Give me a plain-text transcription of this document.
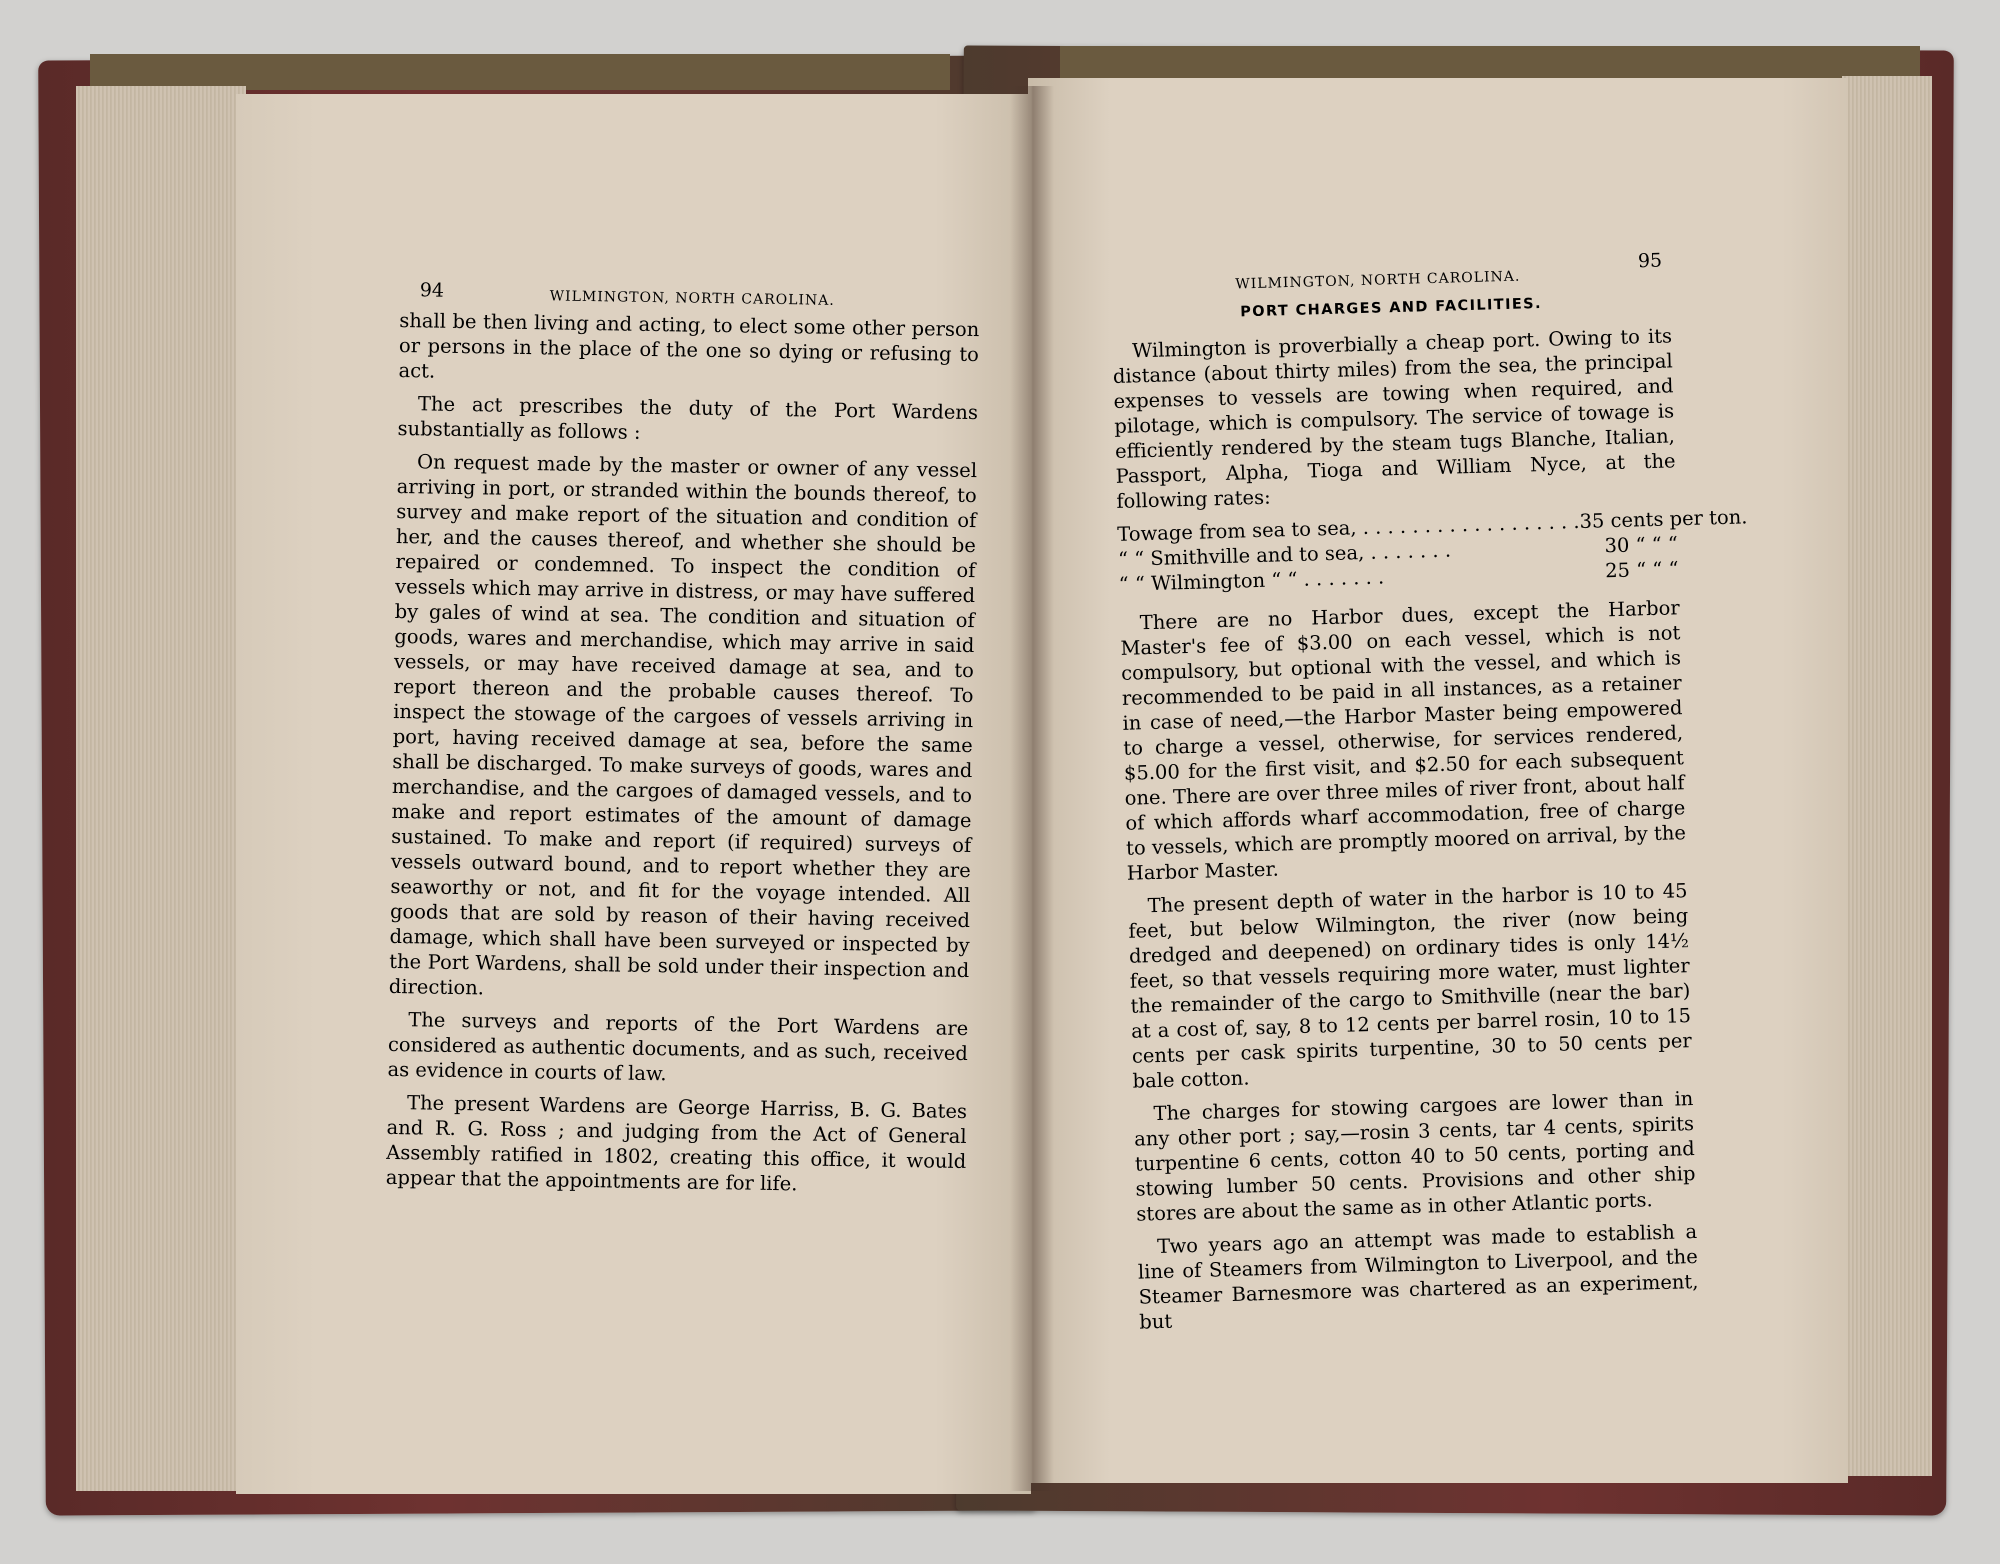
94	WILMINGTON, NORTH CAROLINA.

shall be then living and acting, to elect some other person or persons in the place of the one so dying or refusing to act.

The act prescribes the duty of the Port Wardens substantially as follows :

On request made by the master or owner of any vessel arriving in port, or stranded within the bounds thereof, to survey and make report of the situation and condition of her, and the causes thereof, and whether she should be repaired or condemned. To inspect the condition of vessels which may arrive in distress, or may have suffered by gales of wind at sea. The condition and situation of goods, wares and merchandise, which may arrive in said vessels, or may have received damage at sea, and to report thereon and the probable causes thereof. To inspect the stowage of the cargoes of vessels arriving in port, having received damage at sea, before the same shall be discharged. To make surveys of goods, wares and merchandise, and the cargoes of damaged vessels, and to make and report estimates of the amount of damage sustained. To make and report (if required) surveys of vessels outward bound, and to report whether they are seaworthy or not, and fit for the voyage intended. All goods that are sold by reason of their having received damage, which shall have been surveyed or inspected by the Port Wardens, shall be sold under their inspection and direction.

The surveys and reports of the Port Wardens are considered as authentic documents, and as such, received as evidence in courts of law.

The present Wardens are George Harriss, B. G. Bates and R. G. Ross ; and judging from the Act of General Assembly ratified in 1802, creating this office, it would appear that the appointments are for life.

WILMINGTON, NORTH CAROLINA.
95
PORT CHARGES AND FACILITIES.

Wilmington is proverbially a cheap port. Owing to its distance (about thirty miles) from the sea, the principal expenses to vessels are towing when required, and pilotage, which is compulsory. The service of towage is efficiently rendered by the steam tugs Blanche, Italian, Passport, Alpha, Tioga and William Nyce, at the following rates:

Towage from sea to sea, . . . . . . . . . . . . . . . . . . 35 cents per ton.
“ “ Smithville and to sea, . . . . . . .	30 “ “ “
“ “ Wilmington “ “ . . . . . . .	25 “ “ “

There are no Harbor dues, except the Harbor Master's fee of $3.00 on each vessel, which is not compulsory, but optional with the vessel, and which is recommended to be paid in all instances, as a retainer in case of need,—the Harbor Master being empowered to charge a vessel, otherwise, for services rendered, $5.00 for the first visit, and $2.50 for each subsequent one. There are over three miles of river front, about half of which affords wharf accommodation, free of charge to vessels, which are promptly moored on arrival, by the Harbor Master.

The present depth of water in the harbor is 10 to 45 feet, but below Wilmington, the river (now being dredged and deepened) on ordinary tides is only 14½ feet, so that vessels requiring more water, must lighter the remainder of the cargo to Smithville (near the bar) at a cost of, say, 8 to 12 cents per barrel rosin, 10 to 15 cents per cask spirits turpentine, 30 to 50 cents per bale cotton.

The charges for stowing cargoes are lower than in any other port ; say,—rosin 3 cents, tar 4 cents, spirits turpentine 6 cents, cotton 40 to 50 cents, porting and stowing lumber 50 cents. Provisions and other ship stores are about the same as in other Atlantic ports.

Two years ago an attempt was made to establish a line of Steamers from Wilmington to Liverpool, and the Steamer Barnesmore was chartered as an experiment, but
